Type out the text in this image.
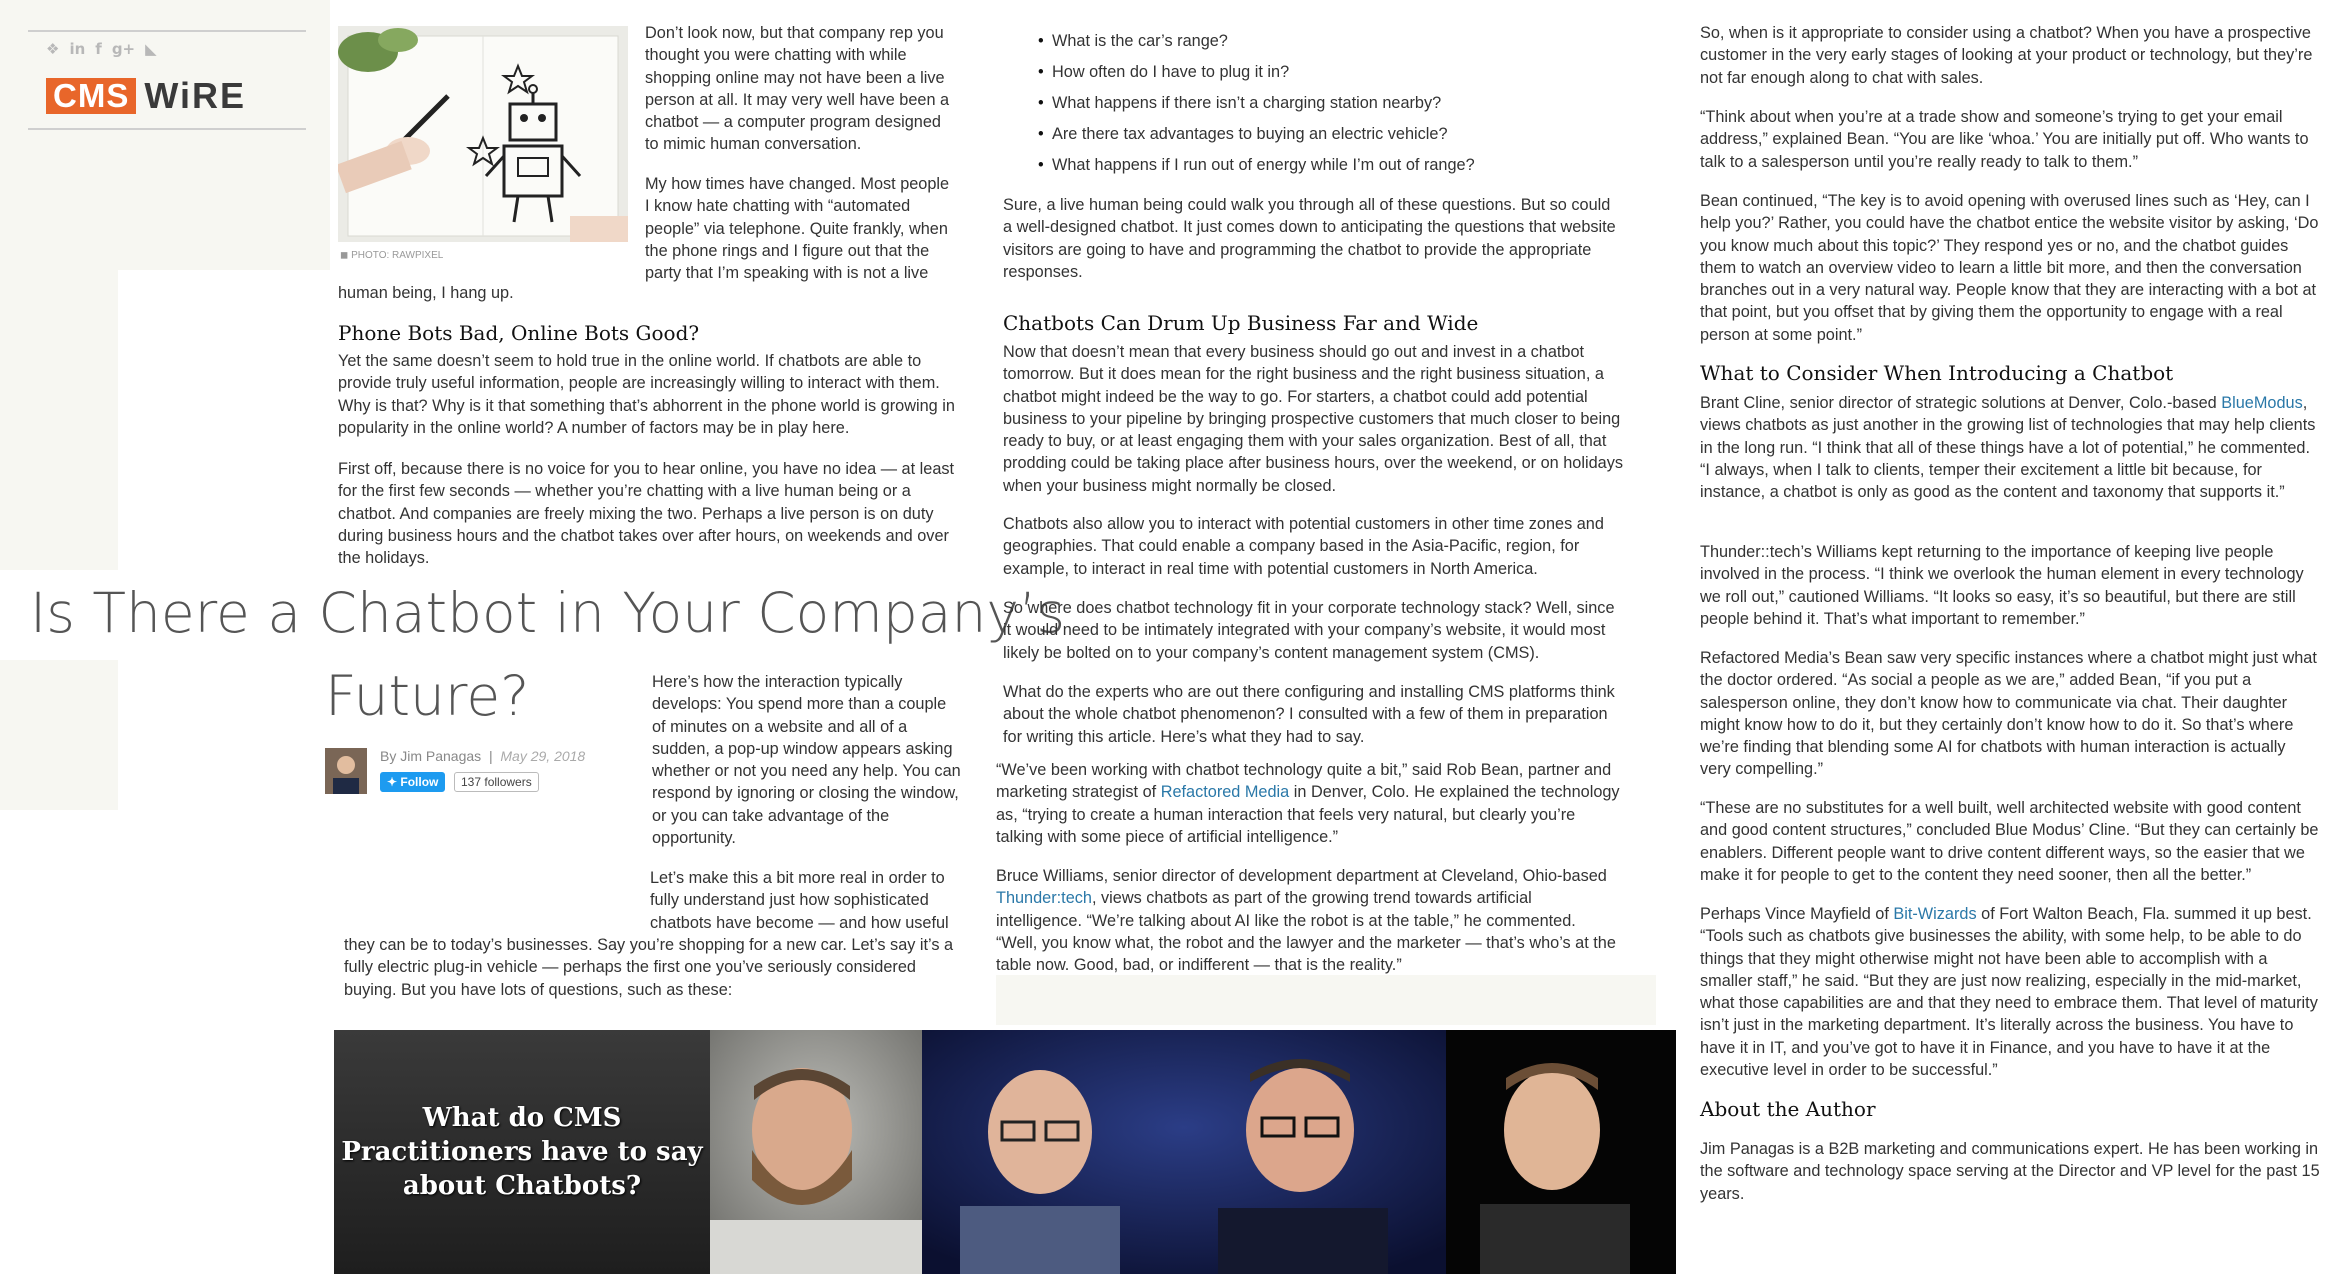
❖ in f g+ ◣
CMS WiRE
◼ PHOTO: RAWPIXEL

Don’t look now, but that company rep you thought you were chatting with while shopping online may not have been a live person at all. It may very well have been a chatbot — a computer program designed to mimic human conversation.

My how times have changed. Most people I know hate chatting with “automated people” via telephone. Quite frankly, when the phone rings and I figure out that the party that I’m speaking with is not a live

human being, I hang up.

Phone Bots Bad, Online Bots Good?

Yet the same doesn’t seem to hold true in the online world. If chatbots are able to provide truly useful information, people are increasingly willing to interact with them. Why is that? Why is it that something that’s abhorrent in the phone world is growing in popularity in the online world? A number of factors may be in play here.

First off, because there is no voice for you to hear online, you have no idea — at least for the first few seconds — whether you’re chatting with a live human being or a chatbot. And companies are freely mixing the two. Perhaps a live person is on duty during business hours and the chatbot takes over after hours, on weekends and over the holidays.

Is There a Chatbot in Your Company’s
Future?
By Jim Panagas  |  May 29, 2018
✦ Follow	137 followers

Here’s how the interaction typically develops: You spend more than a couple of minutes on a website and all of a sudden, a pop-up window appears asking whether or not you need any help. You can respond by ignoring or closing the window, or you can take advantage of the opportunity.

Let’s make this a bit more real in order to fully understand just how sophisticated chatbots have become — and how useful

they can be to today’s businesses. Say you’re shopping for a new car. Let’s say it’s a fully electric plug-in vehicle — perhaps the first one you’ve seriously considered buying. But you have lots of questions, such as these:

• What is the car’s range?
• How often do I have to plug it in?
• What happens if there isn’t a charging station nearby?
• Are there tax advantages to buying an electric vehicle?
• What happens if I run out of energy while I’m out of range?

Sure, a live human being could walk you through all of these questions. But so could a well-designed chatbot. It just comes down to anticipating the questions that website visitors are going to have and programming the chatbot to provide the appropriate responses.

Chatbots Can Drum Up Business Far and Wide

Now that doesn’t mean that every business should go out and invest in a chatbot tomorrow. But it does mean for the right business and the right business situation, a chatbot might indeed be the way to go. For starters, a chatbot could add potential business to your pipeline by bringing prospective customers that much closer to being ready to buy, or at least engaging them with your sales organization. Best of all, that prodding could be taking place after business hours, over the weekend, or on holidays when your business might normally be closed.

Chatbots also allow you to interact with potential customers in other time zones and geographies. That could enable a company based in the Asia-Pacific, region, for example, to interact in real time with potential customers in North America.

So where does chatbot technology fit in your corporate technology stack? Well, since it would need to be intimately integrated with your company’s website, it would most likely be bolted on to your company’s content management system (CMS).

What do the experts who are out there configuring and installing CMS platforms think about the whole chatbot phenomenon? I consulted with a few of them in preparation for writing this article. Here’s what they had to say.

“We’ve been working with chatbot technology quite a bit,” said Rob Bean, partner and marketing strategist of Refactored Media in Denver, Colo. He explained the technology as, “trying to create a human interaction that feels very natural, but clearly you’re talking with some piece of artificial intelligence.”

Bruce Williams, senior director of development department at Cleveland, Ohio-based Thunder:tech, views chatbots as part of the growing trend towards artificial intelligence. “We’re talking about AI like the robot is at the table,” he commented. “Well, you know what, the robot and the lawyer and the marketer — that’s who’s at the table now. Good, bad, or indifferent — that is the reality.”

So, when is it appropriate to consider using a chatbot? When you have a prospective customer in the very early stages of looking at your product or technology, but they’re not far enough along to chat with sales.

“Think about when you’re at a trade show and someone’s trying to get your email address,” explained Bean. “You are like ‘whoa.’ You are initially put off. Who wants to talk to a salesperson until you’re really ready to talk to them.”

Bean continued, “The key is to avoid opening with overused lines such as ‘Hey, can I help you?’ Rather, you could have the chatbot entice the website visitor by asking, ‘Do you know much about this topic?’ They respond yes or no, and the chatbot guides them to watch an overview video to learn a little bit more, and then the conversation branches out in a very natural way. People know that they are interacting with a bot at that point, but you offset that by giving them the opportunity to engage with a real person at some point.”

What to Consider When Introducing a Chatbot

Brant Cline, senior director of strategic solutions at Denver, Colo.-based BlueModus, views chatbots as just another in the growing list of technologies that may help clients in the long run. “I think that all of these things have a lot of potential,” he commented. “I always, when I talk to clients, temper their excitement a little bit because, for instance, a chatbot is only as good as the content and taxonomy that supports it.”

Thunder::tech’s Williams kept returning to the importance of keeping live people involved in the process. “I think we overlook the human element in every technology we roll out,” cautioned Williams. “It looks so easy, it’s so beautiful, but there are still people behind it. That’s what important to remember.”

Refactored Media’s Bean saw very specific instances where a chatbot might just what the doctor ordered. “As social a people as we are,” added Bean, “if you put a salesperson online, they don’t know how to communicate via chat. Their daughter might know how to do it, but they certainly don’t know how to do it. So that’s where we’re finding that blending some AI for chatbots with human interaction is actually very compelling.”

“These are no substitutes for a well built, well architected website with good content and good content structures,” concluded Blue Modus’ Cline. “But they can certainly be enablers. Different people want to drive content different ways, so the easier that we make it for people to get to the content they need sooner, then all the better.”

Perhaps Vince Mayfield of Bit-Wizards of Fort Walton Beach, Fla. summed it up best. “Tools such as chatbots give businesses the ability, with some help, to be able to do things that they might otherwise might not have been able to accomplish with a smaller staff,” he said. “But they are just now realizing, especially in the mid-market, what those capabilities are and that they need to embrace them. That level of maturity isn’t just in the marketing department. It’s literally across the business. You have to have it in IT, and you’ve got to have it in Finance, and you have to have it at the executive level in order to be successful.”

About the Author

Jim Panagas is a B2B marketing and communications expert. He has been working in the software and technology space serving at the Director and VP level for the past 15 years.

What do CMS Practitioners have to say about Chatbots?
